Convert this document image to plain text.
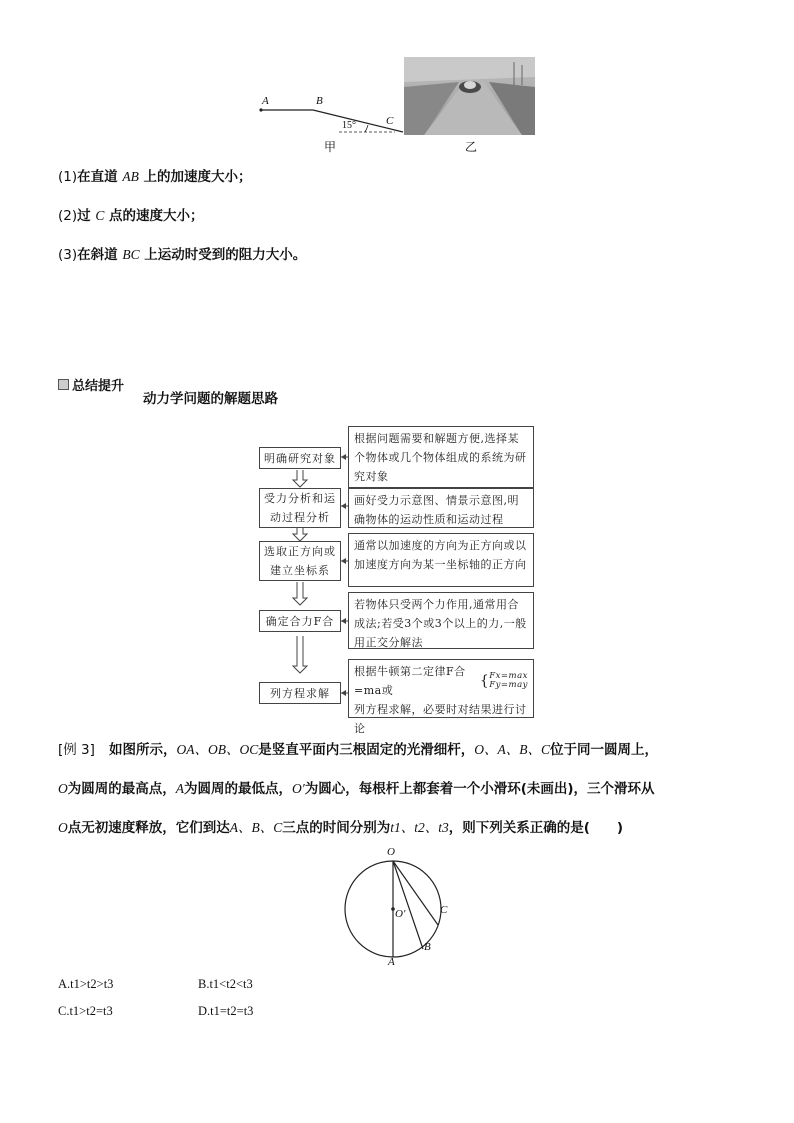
A	B
C
15°
甲	乙
(1)在直道 AB 上的加速度大小；
(2)过 C 点的速度大小；
(3)在斜道 BC 上运动时受到的阻力大小。
总结提升
动力学问题的解题思路
明确研究对象
根据问题需要和解题方便,选择某个物体或几个物体组成的系统为研究对象
受力分析和运动过程分析
画好受力示意图、情景示意图,明确物体的运动性质和运动过程
选取正方向或建立坐标系
通常以加速度的方向为正方向或以加速度方向为某一坐标轴的正方向
确定合力F合
若物体只受两个力作用,通常用合成法;若受3个或3个以上的力,一般用正交分解法
列方程求解
根据牛顿第二定律F合=ma或
{ Fx=max
Fy=may
列方程求解，必要时对结果进行讨论
[例 3] 如图所示，OA、OB、OC是竖直平面内三根固定的光滑细杆，O、A、B、C位于同一圆周上，
O为圆周的最高点，A为圆周的最低点，O′为圆心，每根杆上都套着一个小滑环(未画出)，三个滑环从
O点无初速度释放，它们到达A、B、C三点的时间分别为t1、t2、t3，则下列关系正确的是(　　)
O
O′	C
B
A
A.t1>t2>t3	B.t1<t2<t3
C.t1>t2=t3	D.t1=t2=t3
